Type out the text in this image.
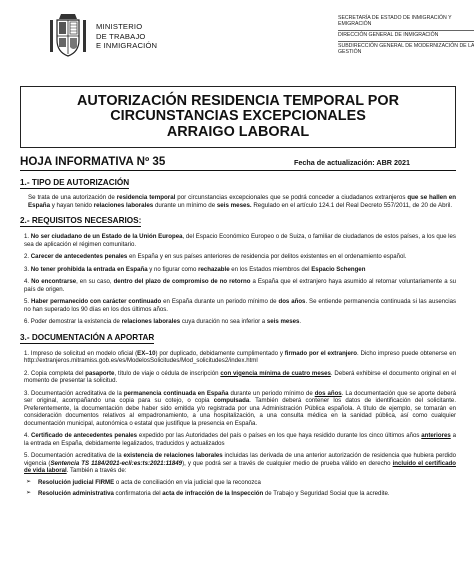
MINISTERIO
DE TRABAJO
E INMIGRACIÓN
SECRETARÍA DE ESTADO DE INMIGRACIÓN Y EMIGRACIÓN
DIRECCIÓN GENERAL DE INMIGRACIÓN
SUBDIRECCIÓN GENERAL DE MODERNIZACIÓN DE LA GESTIÓN
AUTORIZACIÓN RESIDENCIA TEMPORAL POR
CIRCUNSTANCIAS EXCEPCIONALES
ARRAIGO LABORAL
HOJA INFORMATIVA Nº 35	Fecha de actualización: ABR 2021
1.- TIPO DE AUTORIZACIÓN
Se trata de una autorización de residencia temporal por circunstancias excepcionales que se podrá conceder a ciudadanos extranjeros que se hallen en España y hayan tenido relaciones laborales durante un mínimo de seis meses. Regulado en el artículo 124.1 del Real Decreto 557/2011, de 20 de Abril.
2.- REQUISITOS NECESARIOS:
1. No ser ciudadano de un Estado de la Unión Europea, del Espacio Económico Europeo o de Suiza, o familiar de ciudadanos de estos países, a los que les sea de aplicación el régimen comunitario.
2. Carecer de antecedentes penales en España y en sus países anteriores de residencia por delitos existentes en el ordenamiento español.
3. No tener prohibida la entrada en España y no figurar como rechazable en los Estados miembros del Espacio Schengen
4. No encontrarse, en su caso, dentro del plazo de compromiso de no retorno a España que el extranjero haya asumido al retornar voluntariamente a su país de origen.
5. Haber permanecido con carácter continuado en España durante un periodo mínimo de dos años. Se entiende permanencia continuada si las ausencias no han superado los 90 días en los dos últimos años.
6. Poder demostrar la existencia de relaciones laborales cuya duración no sea inferior a seis meses.
3.- DOCUMENTACIÓN A APORTAR
1. Impreso de solicitud en modelo oficial (EX–10) por duplicado, debidamente cumplimentado y firmado por el extranjero. Dicho impreso puede obtenerse en http://extranjeros.mitramiss.gob.es/es/ModelosSolicitudes/Mod_solicitudes2/index.html
2. Copia completa del pasaporte, título de viaje o cédula de inscripción con vigencia mínima de cuatro meses. Deberá exhibirse el documento original en el momento de presentar la solicitud.
3. Documentación acreditativa de la permanencia continuada en España durante un periodo mínimo de dos años. La documentación que se aporte deberá ser original, acompañando una copia para su cotejo, o copia compulsada. También deberá contener los datos de identificación del solicitante. Preferentemente, la documentación debe haber sido emitida y/o registrada por una Administración Pública española. A título de ejemplo, se tomarán en consideración documentos relativos al empadronamiento, a una hospitalización, a una consulta médica en la sanidad pública, así como cualquier documentación municipal, autonómica o estatal que justifique la presencia en España.
4. Certificado de antecedentes penales expedido por las Autoridades del país o países en los que haya residido durante los cinco últimos años anteriores a la entrada en España, debidamente legalizados, traducidos y actualizados
5. Documentación acreditativa de la existencia de relaciones laborales incluidas las derivada de una anterior autorización de residencia que hubiera perdido vigencia (Sentencia TS 1184/2021-ecli:es:ts:2021:11849), y que podrá ser a través de cualquier medio de prueba válido en derecho incluido el certificado de vida laboral. También a través de:
➢ Resolución judicial FIRME o acta de conciliación en vía judicial que la reconozca
➢ Resolución administrativa confirmatoria del acta de infracción de la Inspección de Trabajo y Seguridad Social que la acredite.
